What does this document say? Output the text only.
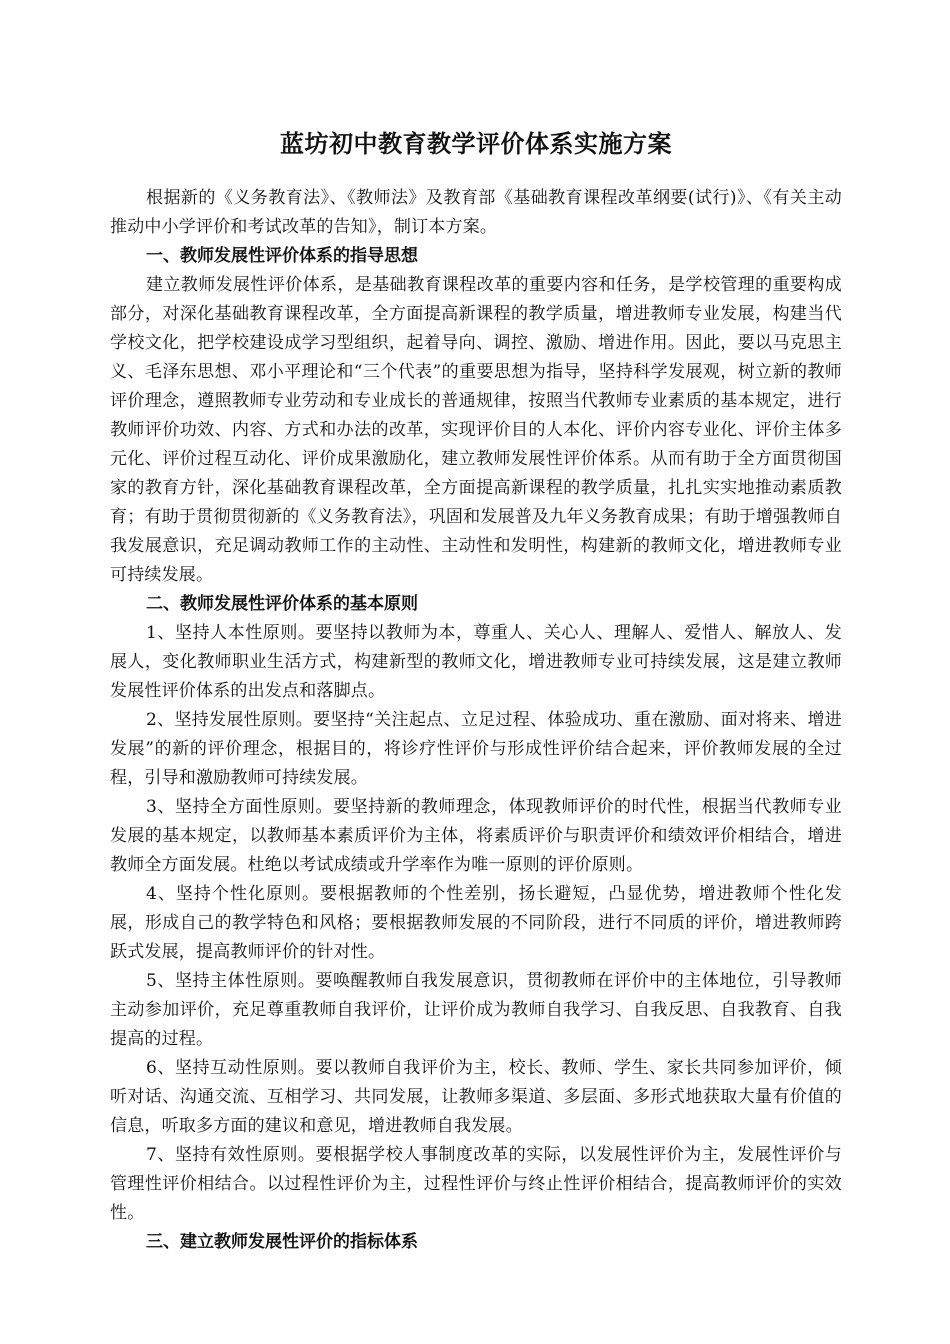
蓝坊初中教育教学评价体系实施方案

根据新的《义务教育法》、《教师法》及教育部《基础教育课程改革纲要(试行)》、《有关主动推动中小学评价和考试改革的告知》，制订本方案。

一、教师发展性评价体系的指导思想

建立教师发展性评价体系，是基础教育课程改革的重要内容和任务，是学校管理的重要构成部分，对深化基础教育课程改革，全方面提高新课程的教学质量，增进教师专业发展，构建当代学校文化，把学校建设成学习型组织，起着导向、调控、激励、增进作用。因此，要以马克思主义、毛泽东思想、邓小平理论和“三个代表”的重要思想为指导，坚持科学发展观，树立新的教师评价理念，遵照教师专业劳动和专业成长的普通规律，按照当代教师专业素质的基本规定，进行教师评价功效、内容、方式和办法的改革，实现评价目的人本化、评价内容专业化、评价主体多元化、评价过程互动化、评价成果激励化，建立教师发展性评价体系。从而有助于全方面贯彻国家的教育方针，深化基础教育课程改革，全方面提高新课程的教学质量，扎扎实实地推动素质教育；有助于贯彻贯彻新的《义务教育法》，巩固和发展普及九年义务教育成果；有助于增强教师自我发展意识，充足调动教师工作的主动性、主动性和发明性，构建新的教师文化，增进教师专业可持续发展。

二、教师发展性评价体系的基本原则

1、坚持人本性原则。要坚持以教师为本，尊重人、关心人、理解人、爱惜人、解放人、发展人，变化教师职业生活方式，构建新型的教师文化，增进教师专业可持续发展，这是建立教师发展性评价体系的出发点和落脚点。

2、坚持发展性原则。要坚持“关注起点、立足过程、体验成功、重在激励、面对将来、增进发展”的新的评价理念，根据目的，将诊疗性评价与形成性评价结合起来，评价教师发展的全过程，引导和激励教师可持续发展。

3、坚持全方面性原则。要坚持新的教师理念，体现教师评价的时代性，根据当代教师专业发展的基本规定，以教师基本素质评价为主体，将素质评价与职责评价和绩效评价相结合，增进教师全方面发展。杜绝以考试成绩或升学率作为唯一原则的评价原则。

4、坚持个性化原则。要根据教师的个性差别，扬长避短，凸显优势，增进教师个性化发展，形成自己的教学特色和风格；要根据教师发展的不同阶段，进行不同质的评价，增进教师跨跃式发展，提高教师评价的针对性。

5、坚持主体性原则。要唤醒教师自我发展意识，贯彻教师在评价中的主体地位，引导教师主动参加评价，充足尊重教师自我评价，让评价成为教师自我学习、自我反思、自我教育、自我提高的过程。

6、坚持互动性原则。要以教师自我评价为主，校长、教师、学生、家长共同参加评价，倾听对话、沟通交流、互相学习、共同发展，让教师多渠道、多层面、多形式地获取大量有价值的信息，听取多方面的建议和意见，增进教师自我发展。

7、坚持有效性原则。要根据学校人事制度改革的实际，以发展性评价为主，发展性评价与管理性评价相结合。以过程性评价为主，过程性评价与终止性评价相结合，提高教师评价的实效性。

三、建立教师发展性评价的指标体系
